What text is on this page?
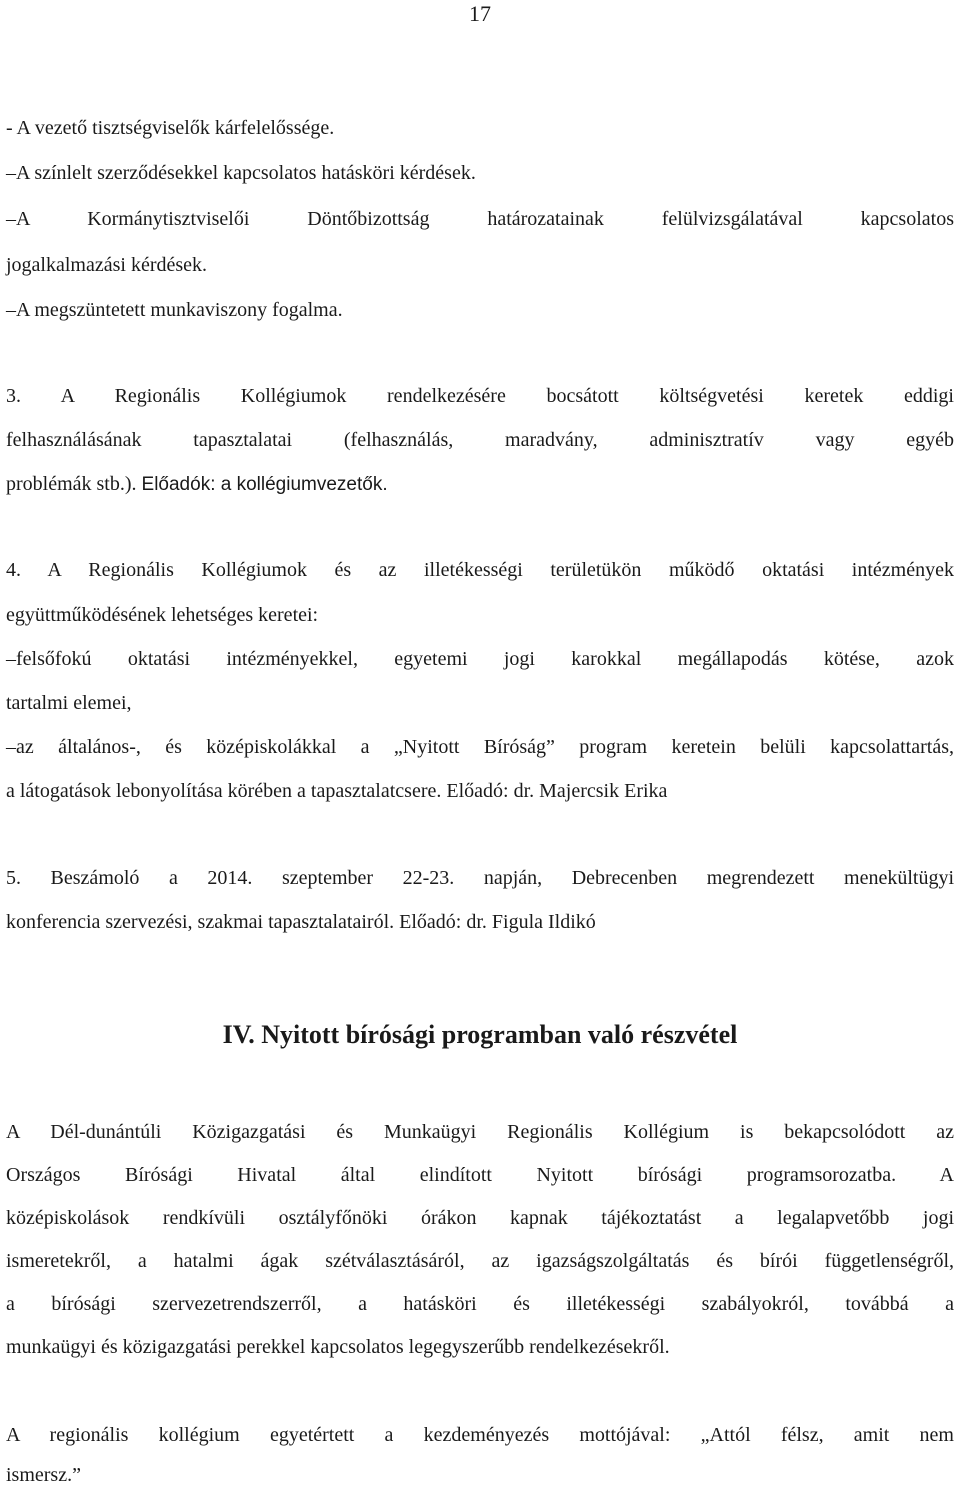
17
- A vezető tisztségviselők kárfelelőssége.
–A színlelt szerződésekkel kapcsolatos hatásköri kérdések.
–A Kormánytisztviselői Döntőbizottság határozatainak felülvizsgálatával kapcsolatos
jogalkalmazási kérdések.
–A megszüntetett munkaviszony fogalma.
3. A Regionális Kollégiumok rendelkezésére bocsátott költségvetési keretek eddigi
felhasználásának tapasztalatai (felhasználás, maradvány, adminisztratív vagy egyéb
problémák stb.). Előadók: a kollégiumvezetők.
4. A Regionális Kollégiumok és az illetékességi területükön működő oktatási intézmények
együttműködésének lehetséges keretei:
–felsőfokú oktatási intézményekkel, egyetemi jogi karokkal megállapodás kötése, azok
tartalmi elemei,
–az általános-, és középiskolákkal a „Nyitott Bíróság” program keretein belüli kapcsolattartás,
a látogatások lebonyolítása körében a tapasztalatcsere. Előadó: dr. Majercsik Erika
5. Beszámoló a 2014. szeptember 22-23. napján, Debrecenben megrendezett menekültügyi
konferencia szervezési, szakmai tapasztalatairól. Előadó: dr. Figula Ildikó
IV. Nyitott bírósági programban való részvétel
A Dél-dunántúli Közigazgatási és Munkaügyi Regionális Kollégium is bekapcsolódott az
Országos Bírósági Hivatal által elindított Nyitott bírósági programsorozatba. A
középiskolások rendkívüli osztályfőnöki órákon kapnak tájékoztatást a legalapvetőbb jogi
ismeretekről, a hatalmi ágak szétválasztásáról, az igazságszolgáltatás és bírói függetlenségről,
a bírósági szervezetrendszerről, a hatásköri és illetékességi szabályokról, továbbá a
munkaügyi és közigazgatási perekkel kapcsolatos legegyszerűbb rendelkezésekről.
A regionális kollégium egyetértett a kezdeményezés mottójával: „Attól félsz, amit nem
ismersz.”
